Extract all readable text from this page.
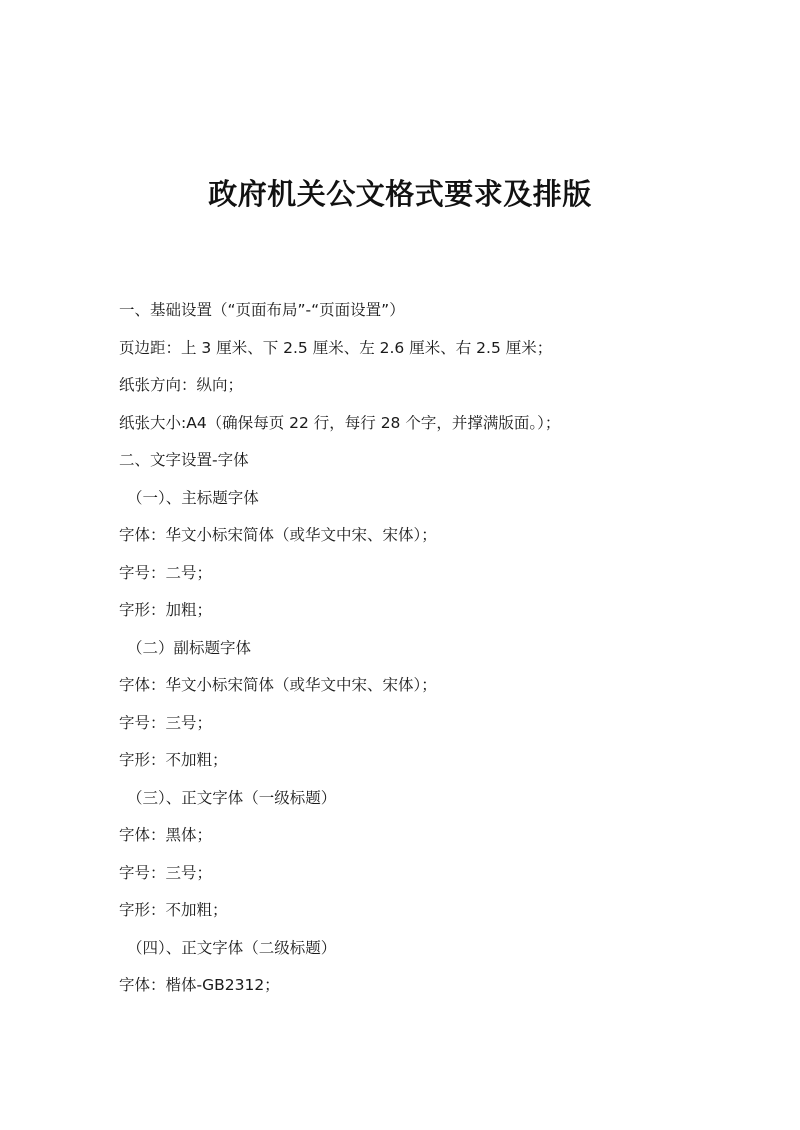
政府机关公文格式要求及排版
一、基础设置（“页面布局”-“页面设置”）
页边距：上 3 厘米、下 2.5 厘米、左 2.6 厘米、右 2.5 厘米；
纸张方向：纵向；
纸张大小:A4（确保每页 22 行，每行 28 个字，并撑满版面。）；
二、文字设置-字体
（一）、主标题字体
字体：华文小标宋简体（或华文中宋、宋体）；
字号：二号；
字形：加粗；
（二）副标题字体
字体：华文小标宋简体（或华文中宋、宋体）；
字号：三号；
字形：不加粗；
（三）、正文字体（一级标题）
字体：黑体；
字号：三号；
字形：不加粗；
（四）、正文字体（二级标题）
字体：楷体-GB2312；
